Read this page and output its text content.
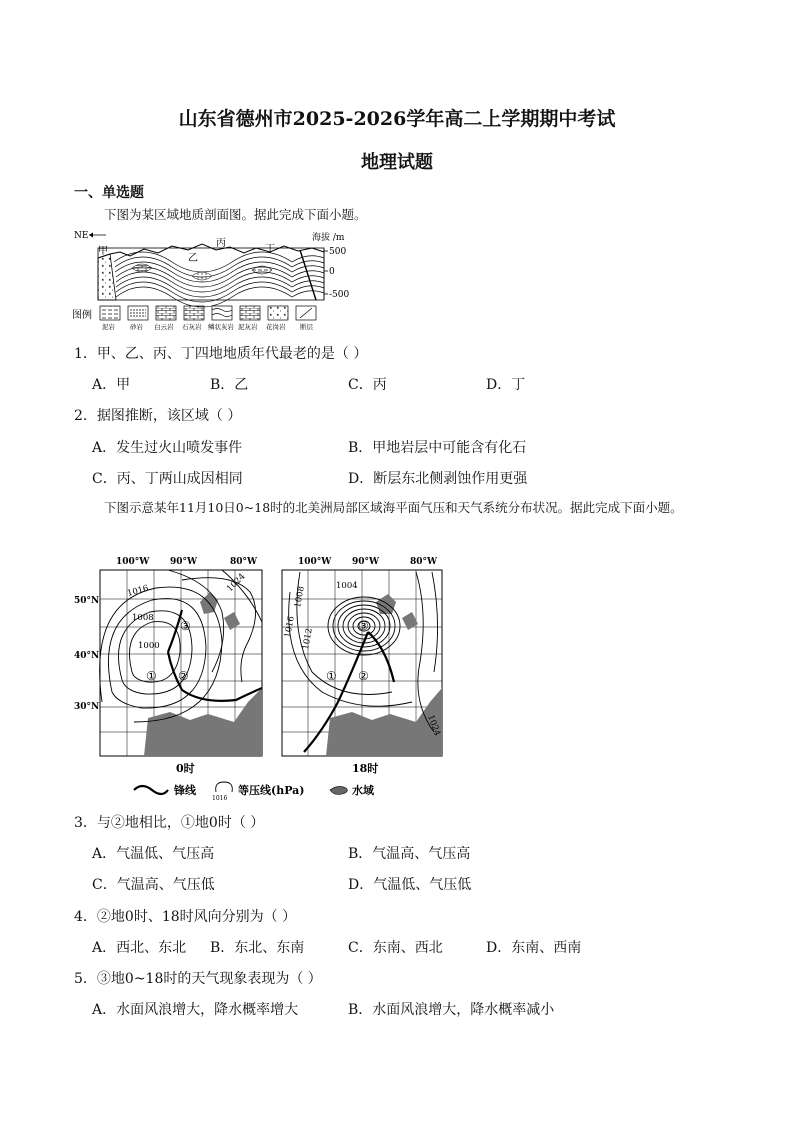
山东省德州市2025-2026学年高二上学期期中考试
地理试题
一、单选题
下图为某区域地质剖面图。据此完成下面小题。
NE
甲
乙
丙
丁
海拔 /m
500
0
-500
图例
泥岩 砂岩 白云岩 石灰岩 鳞状灰岩 泥灰岩 花岗岩 断层
1．甲、乙、丙、丁四地地质年代最老的是（ ）
A．甲	B．乙	C．丙	D．丁
2．据图推断，该区域（ ）
A．发生过火山喷发事件	B．甲地岩层中可能含有化石
C．丙、丁两山成因相同	D．断层东北侧剥蚀作用更强
下图示意某年11月10日0~18时的北美洲局部区域海平面气压和天气系统分布状况。据此完成下面小题。
100°W 90°W	80°W	100°W 90°W	80°W
50°N
40°N
30°N
1016
1008
1000
1024
① ②
③
1004
1008
1016
1012
1024
① ②
③
0时	18时
锋线
1016
等压线(hPa)	水域
3．与②地相比，①地0时（ ）
A．气温低、气压高	B．气温高、气压高
C．气温高、气压低	D．气温低、气压低
4．②地0时、18时风向分别为（ ）
A．西北、东北 B．东北、东南	C．东南、西北	D．东南、西南
5．③地0~18时的天气现象表现为（ ）
A．水面风浪增大，降水概率增大	B．水面风浪增大，降水概率减小
